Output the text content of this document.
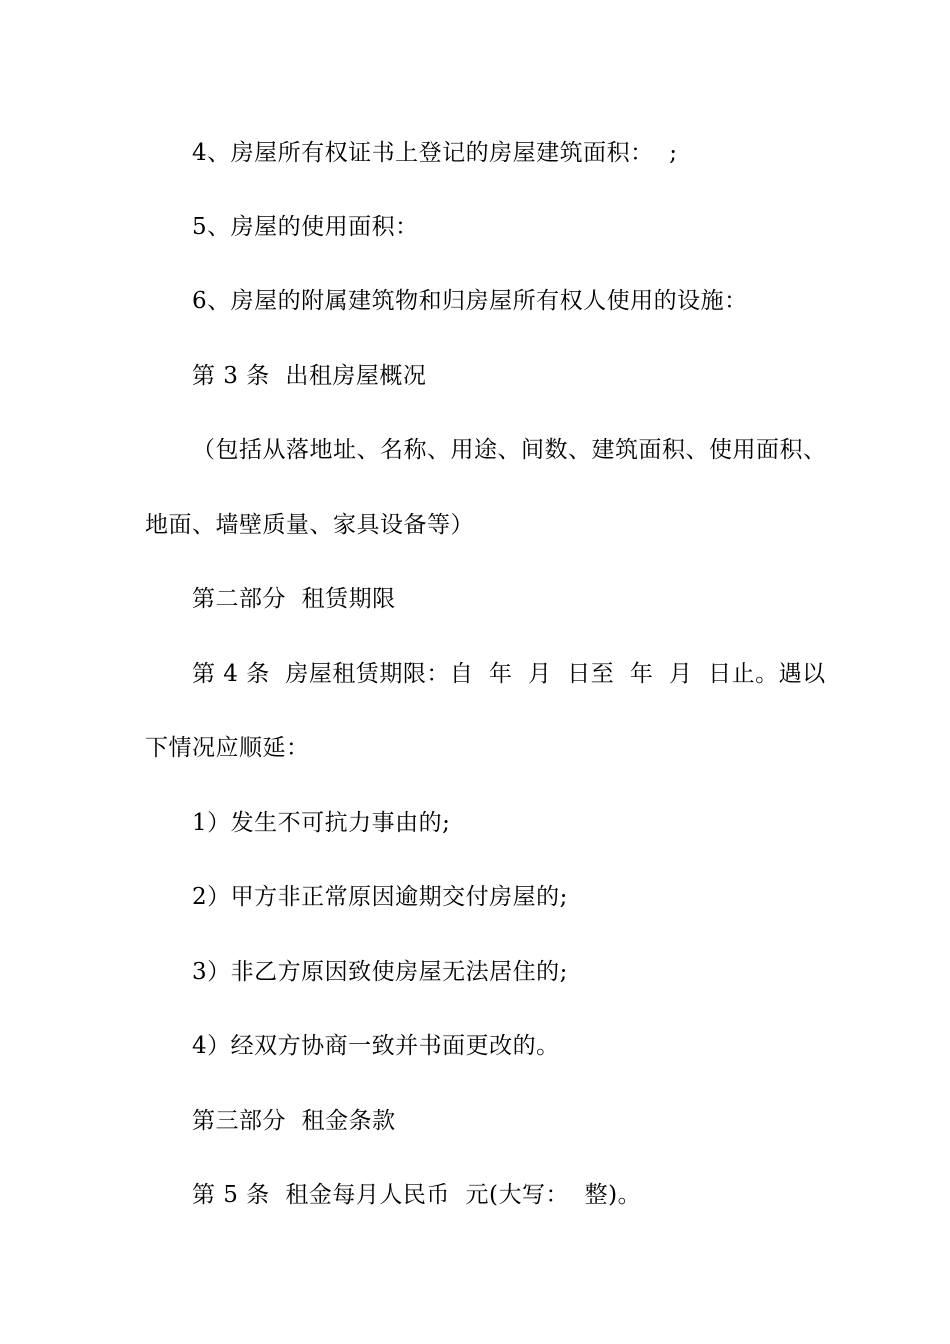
4、房屋所有权证书上登记的房屋建筑面积：  ;
5、房屋的使用面积：
6、房屋的附属建筑物和归房屋所有权人使用的设施：
第 3 条  出租房屋概况
（包括从落地址、名称、用途、间数、建筑面积、使用面积、
地面、墙壁质量、家具设备等）
第二部分  租赁期限
第 4 条  房屋租赁期限：自  年  月  日至  年  月  日止。遇以
下情况应顺延：
1）发生不可抗力事由的;
2）甲方非正常原因逾期交付房屋的;
3）非乙方原因致使房屋无法居住的;
4）经双方协商一致并书面更改的。
第三部分  租金条款
第 5 条  租金每月人民币  元(大写：  整)。
